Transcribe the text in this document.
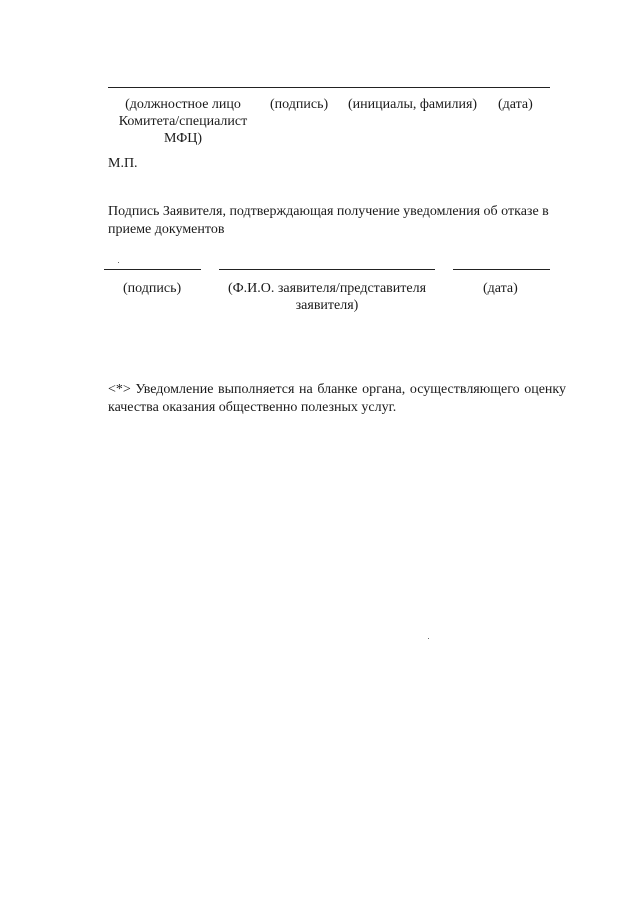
(должностное лицо Комитета/специалист МФЦ)
(подпись) (инициалы, фамилия) (дата)
М.П.
Подпись Заявителя, подтверждающая получение уведомления об отказе в приеме документов
(подпись)	(Ф.И.О. заявителя/представителя заявителя)
(дата)
<*> Уведомление выполняется на бланке органа, осуществляющего оценку качества оказания общественно полезных услуг.
